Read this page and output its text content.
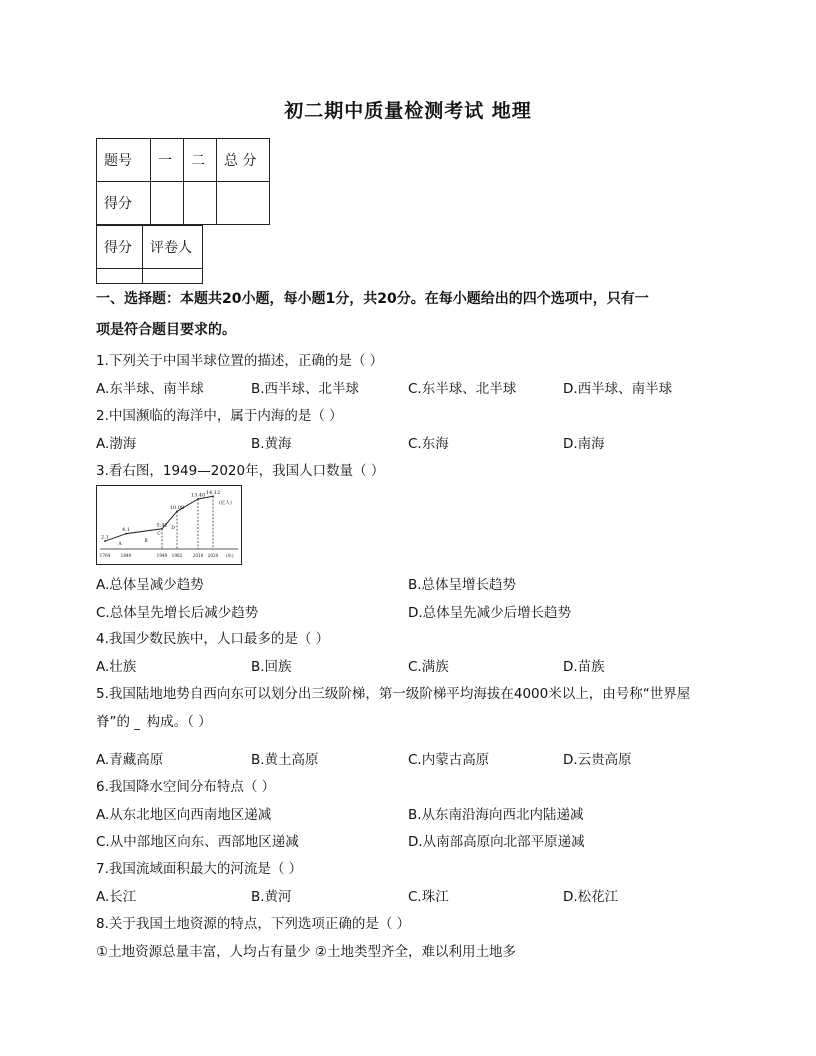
初二期中质量检测考试 地理
题号	一	二	总 分
得分			
得分	评卷人

一、选择题：本题共20小题，每小题1分，共20分。在每小题给出的四个选项中，只有一
项是符合题目要求的。
1.下列关于中国半球位置的描述，正确的是（ ）
A.东半球、南半球	B.西半球、北半球	C.东半球、北半球	D.西半球、南半球
2.中国濒临的海洋中，属于内海的是（ ）
A.渤海	B.黄海	C.东海	D.南海
3.看右图，1949—2020年，我国人口数量（ ）
2.1
1764
4.1
1840
5.42
1949
10.08
1982
13.40
2010
14.12
2020
A
B
C
D
(亿人)
(年)
A.总体呈减少趋势	B.总体呈增长趋势
C.总体呈先增长后减少趋势	D.总体呈先减少后增长趋势
4.我国少数民族中，人口最多的是（ ）
A.壮族	B.回族	C.满族	D.苗族
5.我国陆地地势自西向东可以划分出三级阶梯，第一级阶梯平均海拔在4000米以上，由号称“世界屋
脊”的 构成。（ ）
A.青藏高原	B.黄土高原	C.内蒙古高原	D.云贵高原
6.我国降水空间分布特点（ ）
A.从东北地区向西南地区递减	B.从东南沿海向西北内陆递减
C.从中部地区向东、西部地区递减	D.从南部高原向北部平原递减
7.我国流域面积最大的河流是（ ）
A.长江	B.黄河	C.珠江	D.松花江
8.关于我国土地资源的特点，下列选项正确的是（ ）
①土地资源总量丰富，人均占有量少 ②土地类型齐全，难以利用土地多
